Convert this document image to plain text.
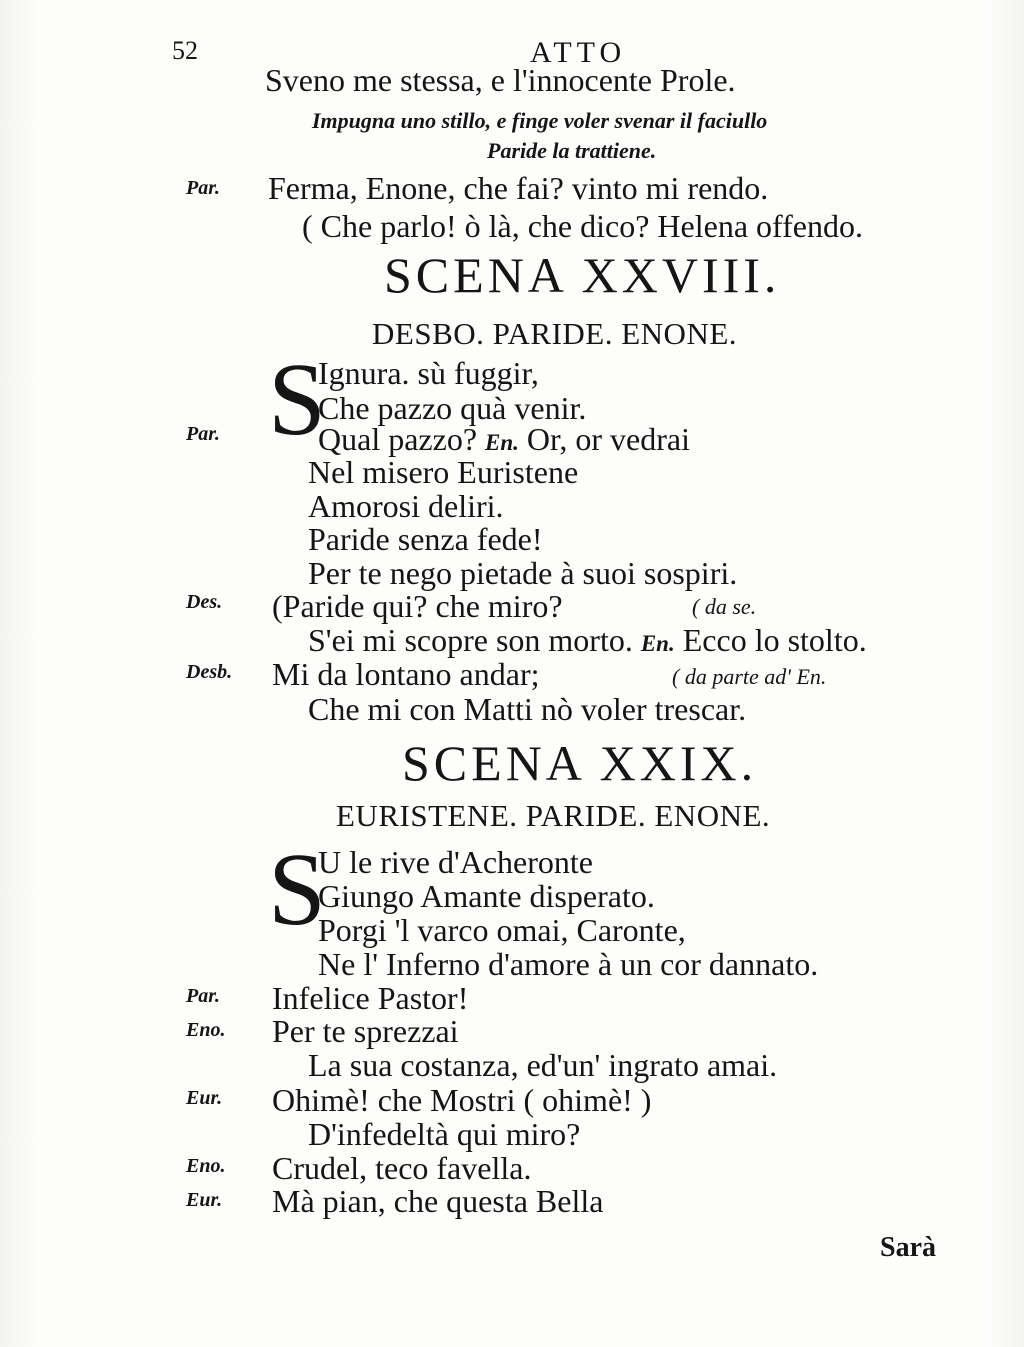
52	ATTO
Sveno me stessa, e l'innocente Prole.
Impugna uno stillo, e finge voler svenar il faciullo
Paride la trattiene.
Par. Ferma, Enone, che fai? vinto mi rendo.
( Che parlo! ò là, che dico? Helena offendo.
SCENA XXVIII.
DESBO. PARIDE. ENONE.
S
Ignura. sù fuggir,
Che pazzo quà venir.
Par.	Qual pazzo? En. Or, or vedrai
Nel misero Euristene
Amorosi deliri.
Paride senza fede!
Per te nego pietade à suoi sospiri.
Des. (Paride qui? che miro?	( da se.
S'ei mi scopre son morto. En. Ecco lo stolto.
Desb. Mi da lontano andar;	( da parte ad' En.
Che mi con Matti nò voler trescar.
SCENA XXIX.
EURISTENE. PARIDE. ENONE.
S
U le rive d'Acheronte
Giungo Amante disperato.
Porgi 'l varco omai, Caronte,
Ne l' Inferno d'amore à un cor dannato.
Par. Infelice Pastor!
Eno. Per te sprezzai
La sua costanza, ed'un' ingrato amai.
Eur. Ohimè! che Mostri ( ohimè! )
D'infedeltà qui miro?
Eno. Crudel, teco favella.
Eur. Mà pian, che questa Bella
Sarà
